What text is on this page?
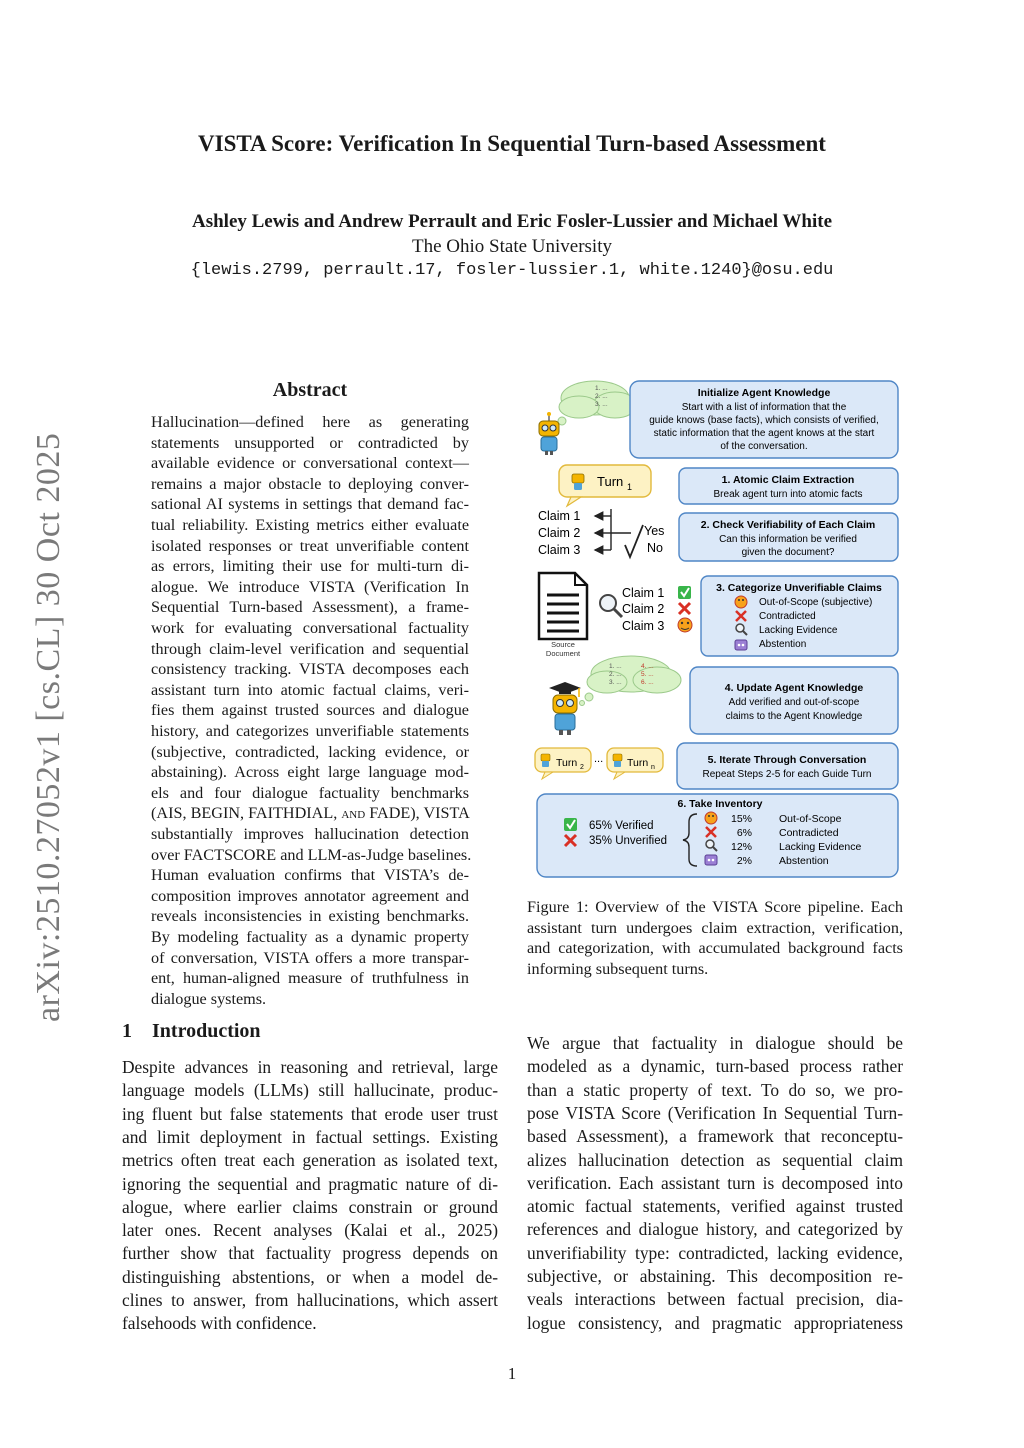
VISTA Score: Verification In Sequential Turn-based Assessment
Ashley Lewis and Andrew Perrault and Eric Fosler-Lussier and Michael White
The Ohio State University
{lewis.2799, perrault.17, fosler-lussier.1, white.1240}@osu.edu
arXiv:2510.27052v1 [cs.CL] 30 Oct 2025
Abstract
Hallucination—defined here as generating
statements unsupported or contradicted by
available evidence or conversational context—
remains a major obstacle to deploying conver-
sational AI systems in settings that demand fac-
tual reliability. Existing metrics either evaluate
isolated responses or treat unverifiable content
as errors, limiting their use for multi-turn di-
alogue. We introduce VISTA (Verification In
Sequential Turn-based Assessment), a frame-
work for evaluating conversational factuality
through claim-level verification and sequential
consistency tracking. VISTA decomposes each
assistant turn into atomic factual claims, veri-
fies them against trusted sources and dialogue
history, and categorizes unverifiable statements
(subjective, contradicted, lacking evidence, or
abstaining). Across eight large language mod-
els and four dialogue factuality benchmarks
(AIS, BEGIN, FAITHDIAL, and FADE), VISTA
substantially improves hallucination detection
over FACTSCORE and LLM-as-Judge baselines.
Human evaluation confirms that VISTA’s de-
composition improves annotator agreement and
reveals inconsistencies in existing benchmarks.
By modeling factuality as a dynamic property
of conversation, VISTA offers a more transpar-
ent, human-aligned measure of truthfulness in
dialogue systems.
1 Introduction
Despite advances in reasoning and retrieval, large
language models (LLMs) still hallucinate, produc-
ing fluent but false statements that erode user trust
and limit deployment in factual settings. Existing
metrics often treat each generation as isolated text,
ignoring the sequential and pragmatic nature of di-
alogue, where earlier claims constrain or ground
later ones. Recent analyses (Kalai et al., 2025)
further show that factuality progress depends on
distinguishing abstentions, or when a model de-
clines to answer, from hallucinations, which assert
falsehoods with confidence.
We argue that factuality in dialogue should be
modeled as a dynamic, turn-based process rather
than a static property of text. To do so, we pro-
pose VISTA Score (Verification In Sequential Turn-
based Assessment), a framework that reconceptu-
alizes hallucination detection as sequential claim
verification. Each assistant turn is decomposed into
atomic factual statements, verified against trusted
references and dialogue history, and categorized by
unverifiability type: contradicted, lacking evidence,
subjective, or abstaining. This decomposition re-
veals interactions between factual precision, dia-
logue consistency, and pragmatic appropriateness
1. ...
2. ...
3. ...
Initialize Agent Knowledge
Start with a list of information that the
guide knows (base facts), which consists of verified,
static information that the agent knows at the start
of the conversation.
Turn 1
1. Atomic Claim Extraction
Break agent turn into atomic facts
Claim 1
Claim 2
Claim 3
Yes
No
2. Check Verifiability of Each Claim
Can this information be verified
given the document?
Source
Document
Claim 1
Claim 2
Claim 3
3. Categorize Unverifiable Claims
Out-of-Scope (subjective)
Contradicted
Lacking Evidence
Abstention
1. ...
2. ...
3. ...
4. ...
5. ...
6. ...	4. Update Agent Knowledge
Add verified and out-of-scope
claims to the Agent Knowledge
Turn 2
... Turn n
5. Iterate Through Conversation
Repeat Steps 2-5 for each Guide Turn
6. Take Inventory
65% Verified
35% Unverified
15%	Out-of-Scope
6%	Contradicted
12%	Lacking Evidence
2%	Abstention
Figure 1: Overview of the VISTA Score pipeline. Each
assistant turn undergoes claim extraction, verification,
and categorization, with accumulated background facts
informing subsequent turns.
1
